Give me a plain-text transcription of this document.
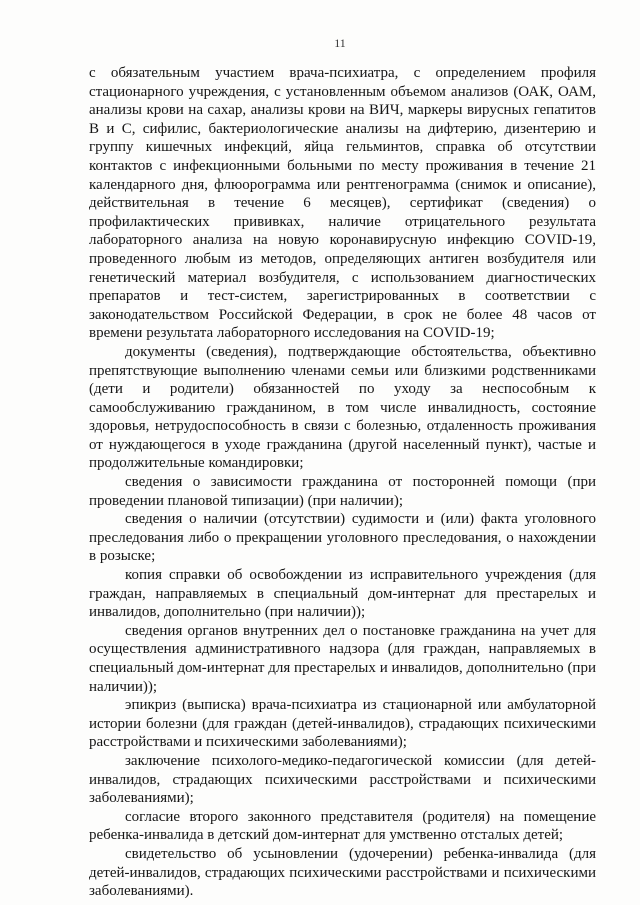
11

с обязательным участием врача-психиатра, с определением профиля стационарного учреждения, с установленным объемом анализов (ОАК, ОАМ, анализы крови на сахар, анализы крови на ВИЧ, маркеры вирусных гепатитов В и С, сифилис, бактериологические анализы на дифтерию, дизентерию и группу кишечных инфекций, яйца гельминтов, справка об отсутствии контактов с инфекционными больными по месту проживания в течение 21 календарного дня, флюорограмма или рентгенограмма (снимок и описание), действительная в течение 6 месяцев), сертификат (сведения) о профилактических прививках, наличие отрицательного результата лабораторного анализа на новую коронавирусную инфекцию COVID-19, проведенного любым из методов, определяющих антиген возбудителя или генетический материал возбудителя, с использованием диагностических препаратов и тест-систем, зарегистрированных в соответствии с законодательством Российской Федерации, в срок не более 48 часов от времени результата лабораторного исследования на COVID-19;

документы (сведения), подтверждающие обстоятельства, объективно препятствующие выполнению членами семьи или близкими родственниками (дети и родители) обязанностей по уходу за неспособным к самообслуживанию гражданином, в том числе инвалидность, состояние здоровья, нетрудоспособность в связи с болезнью, отдаленность проживания от нуждающегося в уходе гражданина (другой населенный пункт), частые и продолжительные командировки;

сведения о зависимости гражданина от посторонней помощи (при проведении плановой типизации) (при наличии);

сведения о наличии (отсутствии) судимости и (или) факта уголовного преследования либо о прекращении уголовного преследования, о нахождении в розыске;

копия справки об освобождении из исправительного учреждения (для граждан, направляемых в специальный дом-интернат для престарелых и инвалидов, дополнительно (при наличии));

сведения органов внутренних дел о постановке гражданина на учет для осуществления административного надзора (для граждан, направляемых в специальный дом-интернат для престарелых и инвалидов, дополнительно (при наличии));

эпикриз (выписка) врача-психиатра из стационарной или амбулаторной истории болезни (для граждан (детей-инвалидов), страдающих психическими расстройствами и психическими заболеваниями);

заключение психолого-медико-педагогической комиссии (для детей-инвалидов, страдающих психическими расстройствами и психическими заболеваниями);

согласие второго законного представителя (родителя) на помещение ребенка-инвалида в детский дом-интернат для умственно отсталых детей;

свидетельство об усыновлении (удочерении) ребенка-инвалида (для детей-инвалидов, страдающих психическими расстройствами и психическими заболеваниями).
